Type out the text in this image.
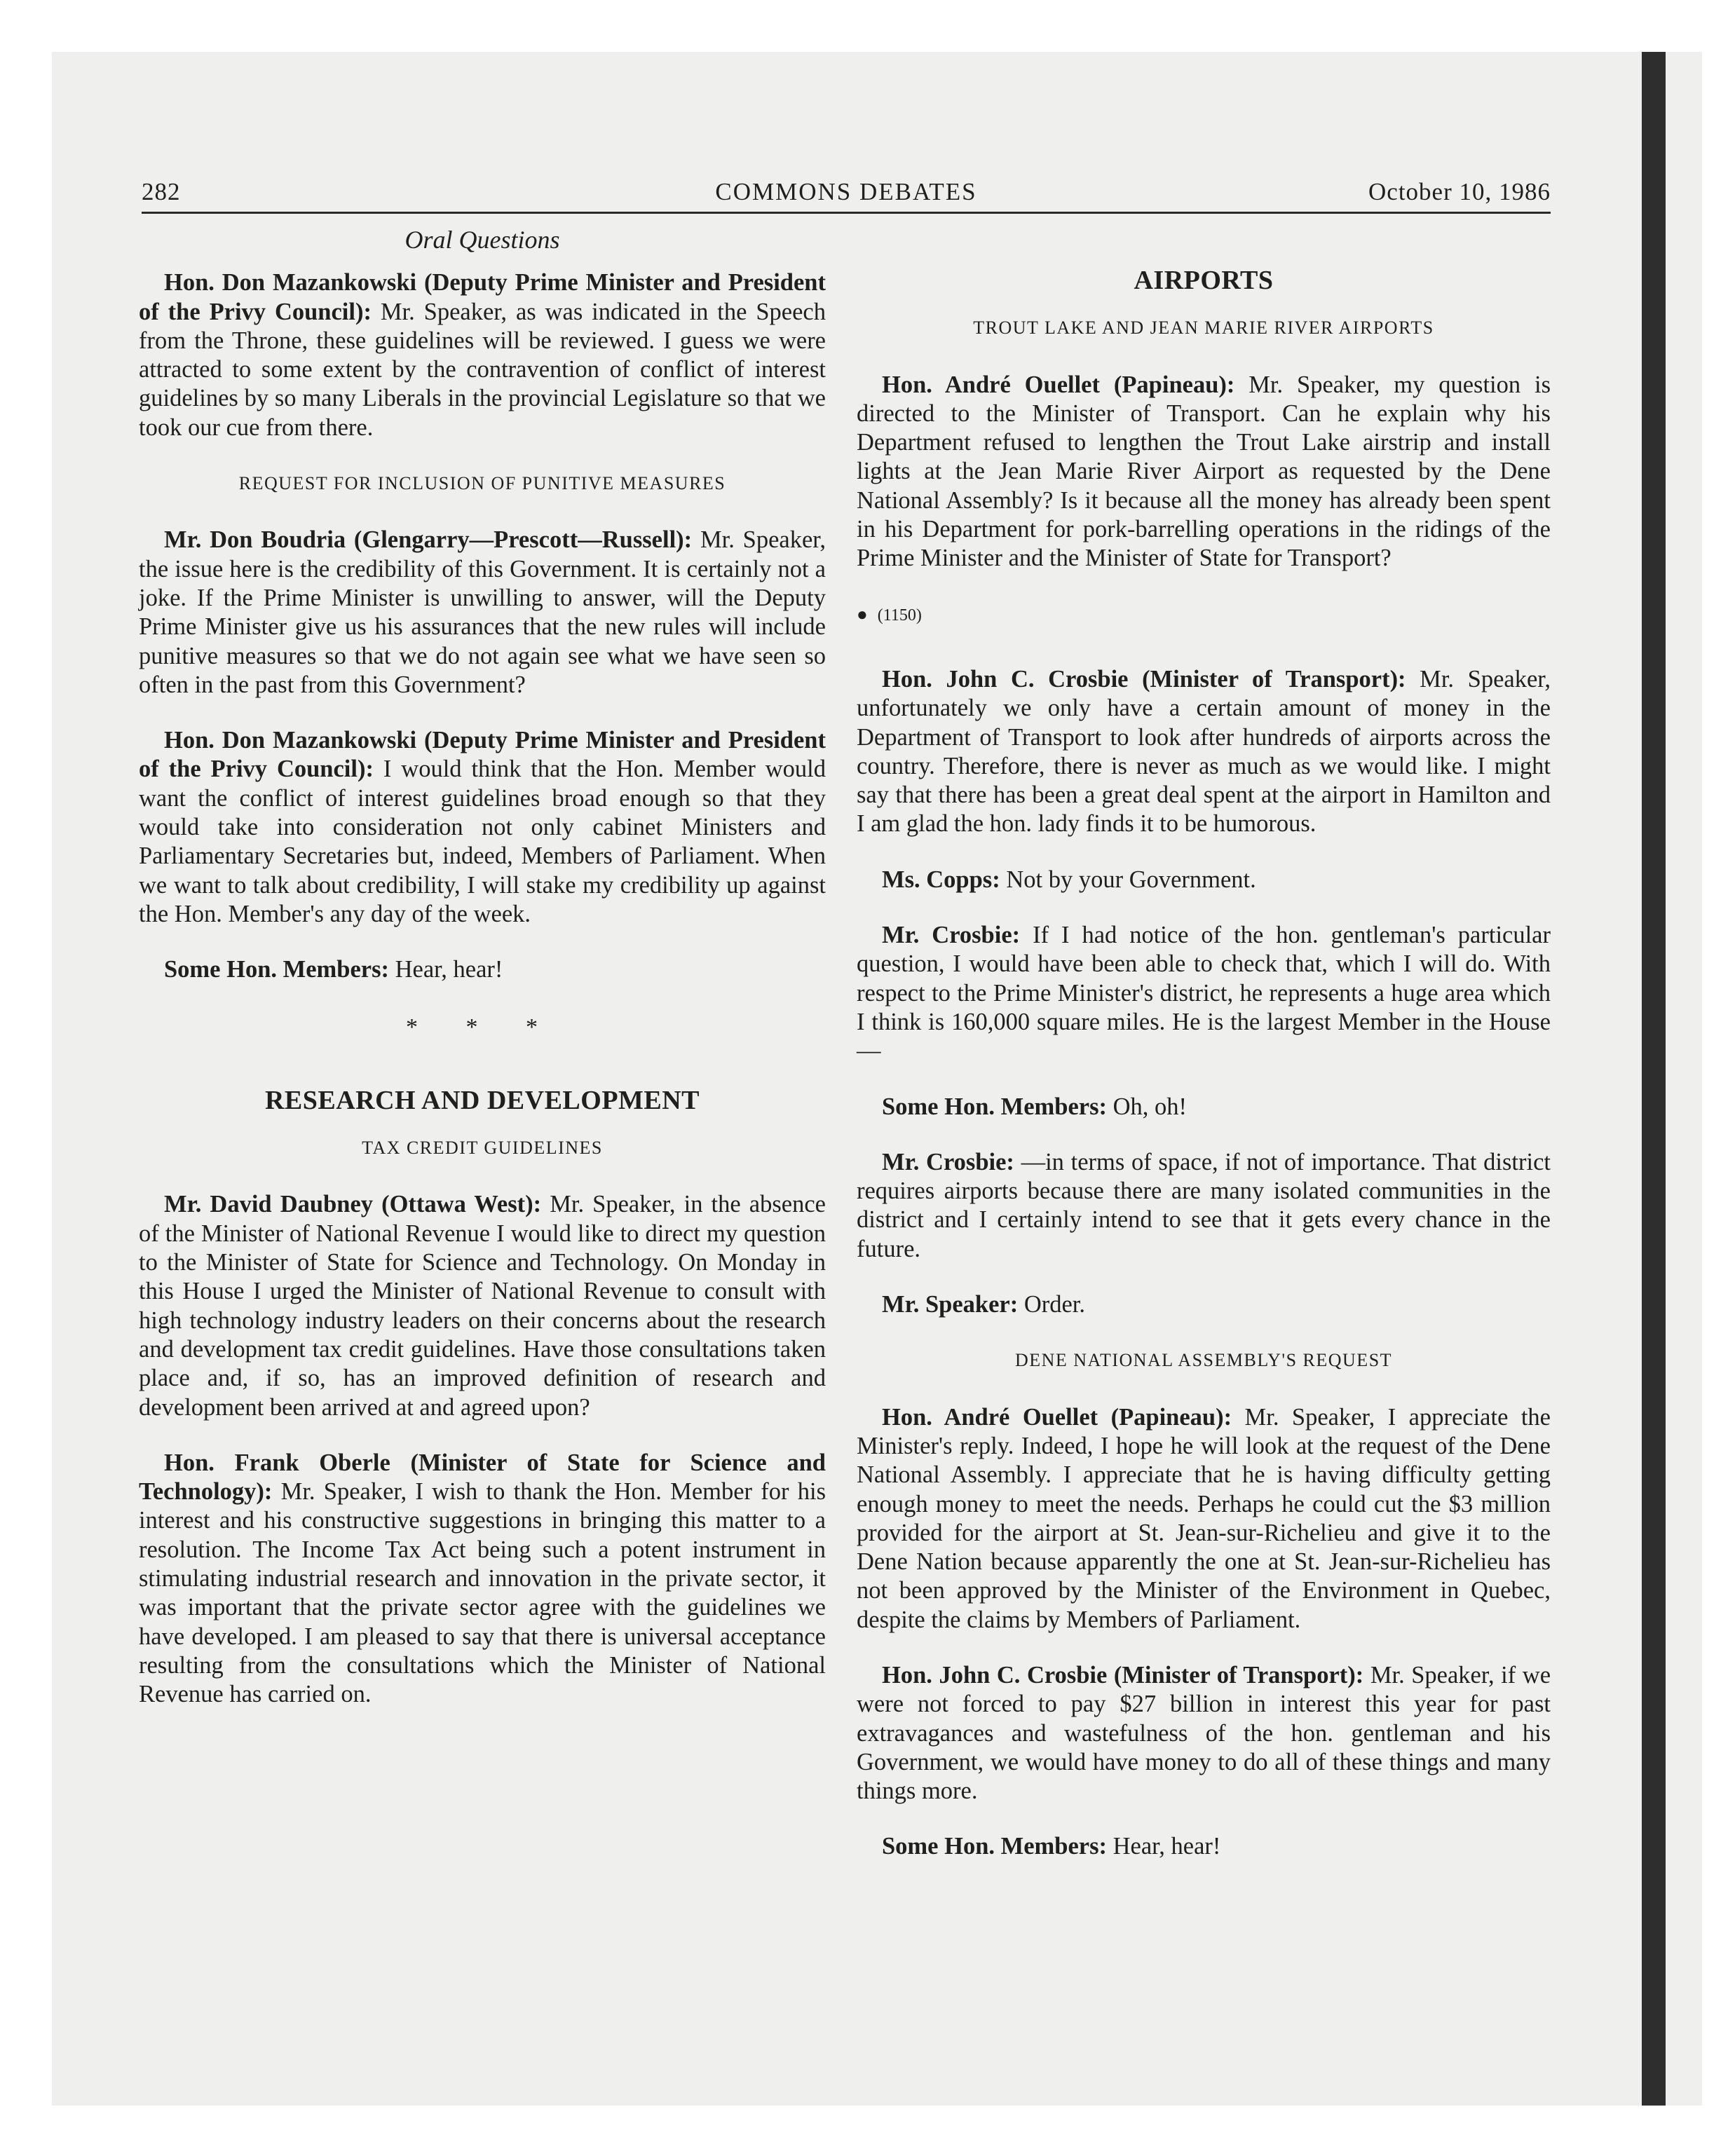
282	COMMONS DEBATES	October 10, 1986
Oral Questions

Hon. Don Mazankowski (Deputy Prime Minister and President of the Privy Council): Mr. Speaker, as was indicated in the Speech from the Throne, these guidelines will be reviewed. I guess we were attracted to some extent by the contravention of conflict of interest guidelines by so many Liberals in the provincial Legislature so that we took our cue from there.

REQUEST FOR INCLUSION OF PUNITIVE MEASURES

Mr. Don Boudria (Glengarry—Prescott—Russell): Mr. Speaker, the issue here is the credibility of this Government. It is certainly not a joke. If the Prime Minister is unwilling to answer, will the Deputy Prime Minister give us his assurances that the new rules will include punitive measures so that we do not again see what we have seen so often in the past from this Government?

Hon. Don Mazankowski (Deputy Prime Minister and President of the Privy Council): I would think that the Hon. Member would want the conflict of interest guidelines broad enough so that they would take into consideration not only cabinet Ministers and Parliamentary Secretaries but, indeed, Members of Parliament. When we want to talk about credibility, I will stake my credibility up against the Hon. Member's any day of the week.

Some Hon. Members: Hear, hear!

* * *
RESEARCH AND DEVELOPMENT
TAX CREDIT GUIDELINES

Mr. David Daubney (Ottawa West): Mr. Speaker, in the absence of the Minister of National Revenue I would like to direct my question to the Minister of State for Science and Technology. On Monday in this House I urged the Minister of National Revenue to consult with high technology industry leaders on their concerns about the research and development tax credit guidelines. Have those consultations taken place and, if so, has an improved definition of research and development been arrived at and agreed upon?

Hon. Frank Oberle (Minister of State for Science and Technology): Mr. Speaker, I wish to thank the Hon. Member for his interest and his constructive suggestions in bringing this matter to a resolution. The Income Tax Act being such a potent instrument in stimulating industrial research and innovation in the private sector, it was important that the private sector agree with the guidelines we have developed. I am pleased to say that there is universal acceptance resulting from the consultations which the Minister of National Revenue has carried on.

AIRPORTS
TROUT LAKE AND JEAN MARIE RIVER AIRPORTS

Hon. André Ouellet (Papineau): Mr. Speaker, my question is directed to the Minister of Transport. Can he explain why his Department refused to lengthen the Trout Lake airstrip and install lights at the Jean Marie River Airport as requested by the Dene National Assembly? Is it because all the money has already been spent in his Department for pork-barrelling operations in the ridings of the Prime Minister and the Minister of State for Transport?

● (1150)

Hon. John C. Crosbie (Minister of Transport): Mr. Speaker, unfortunately we only have a certain amount of money in the Department of Transport to look after hundreds of airports across the country. Therefore, there is never as much as we would like. I might say that there has been a great deal spent at the airport in Hamilton and I am glad the hon. lady finds it to be humorous.

Ms. Copps: Not by your Government.

Mr. Crosbie: If I had notice of the hon. gentleman's particular question, I would have been able to check that, which I will do. With respect to the Prime Minister's district, he represents a huge area which I think is 160,000 square miles. He is the largest Member in the House—

Some Hon. Members: Oh, oh!

Mr. Crosbie: —in terms of space, if not of importance. That district requires airports because there are many isolated communities in the district and I certainly intend to see that it gets every chance in the future.

Mr. Speaker: Order.

DENE NATIONAL ASSEMBLY'S REQUEST

Hon. André Ouellet (Papineau): Mr. Speaker, I appreciate the Minister's reply. Indeed, I hope he will look at the request of the Dene National Assembly. I appreciate that he is having difficulty getting enough money to meet the needs. Perhaps he could cut the $3 million provided for the airport at St. Jean-sur-Richelieu and give it to the Dene Nation because apparently the one at St. Jean-sur-Richelieu has not been approved by the Minister of the Environment in Quebec, despite the claims by Members of Parliament.

Hon. John C. Crosbie (Minister of Transport): Mr. Speaker, if we were not forced to pay $27 billion in interest this year for past extravagances and wastefulness of the hon. gentleman and his Government, we would have money to do all of these things and many things more.

Some Hon. Members: Hear, hear!
